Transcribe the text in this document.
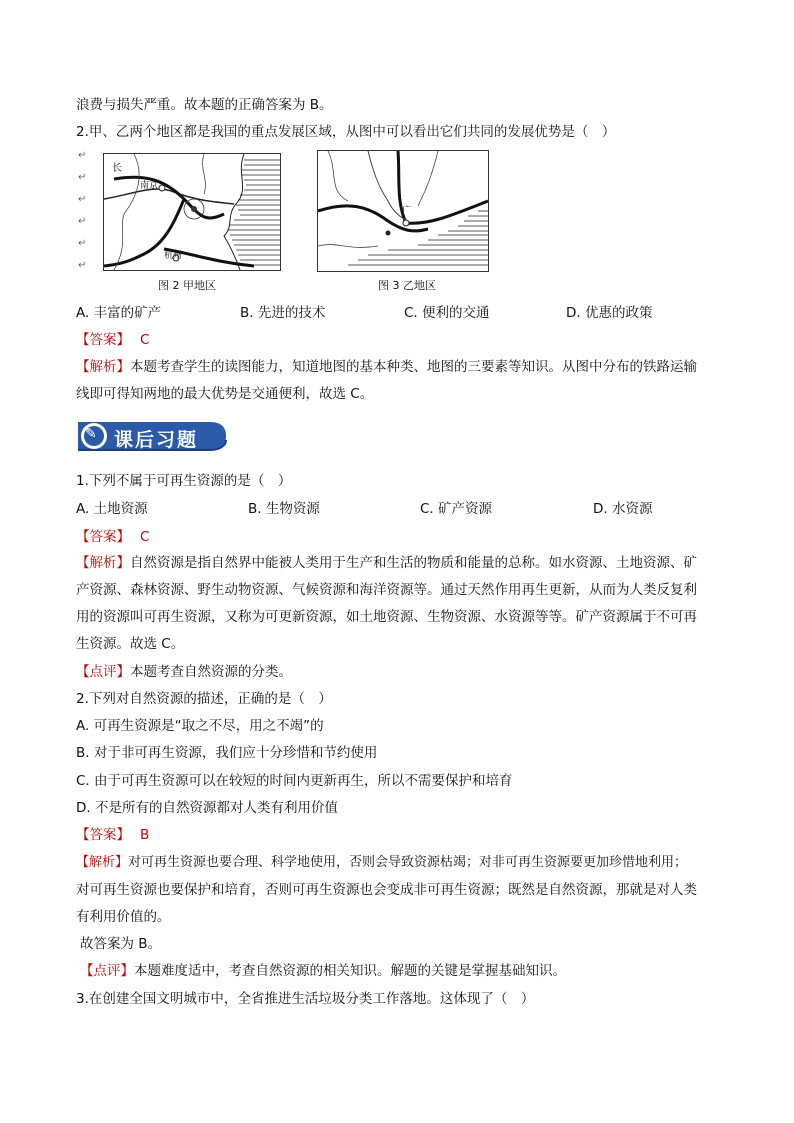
浪费与损失严重。故本题的正确答案为 B。
2.甲、乙两个地区都是我国的重点发展区域，从图中可以看出它们共同的发展优势是（　）
↵
↵
↵
↵
↵
↵
长
南京
杭州
图 2 甲地区
广
图 3 乙地区
A. 丰富的矿产	B. 先进的技术	C. 便利的交通	D. 优惠的政策
【答案】 C
【解析】本题考查学生的读图能力，知道地图的基本种类、地图的三要素等知识。从图中分布的铁路运输
线即可得知两地的最大优势是交通便利，故选 C。
✎ 课后习题
1.下列不属于可再生资源的是（　）
A. 土地资源	B. 生物资源	C. 矿产资源	D. 水资源
【答案】 C
【解析】自然资源是指自然界中能被人类用于生产和生活的物质和能量的总称。如水资源、土地资源、矿
产资源、森林资源、野生动物资源、气候资源和海洋资源等。通过天然作用再生更新，从而为人类反复利
用的资源叫可再生资源，又称为可更新资源，如土地资源、生物资源、水资源等等。矿产资源属于不可再
生资源。故选 C。
【点评】本题考查自然资源的分类。
2.下列对自然资源的描述，正确的是（　）
A. 可再生资源是“取之不尽，用之不竭”的
B. 对于非可再生资源，我们应十分珍惜和节约使用
C. 由于可再生资源可以在较短的时间内更新再生，所以不需要保护和培育
D. 不是所有的自然资源都对人类有利用价值
【答案】 B
【解析】对可再生资源也要合理、科学地使用，否则会导致资源枯竭；对非可再生资源要更加珍惜地利用；
对可再生资源也要保护和培育，否则可再生资源也会变成非可再生资源；既然是自然资源，那就是对人类
有利用价值的。
故答案为 B。
【点评】本题难度适中，考查自然资源的相关知识。解题的关键是掌握基础知识。
3.在创建全国文明城市中，全省推进生活垃圾分类工作落地。这体现了（　）
